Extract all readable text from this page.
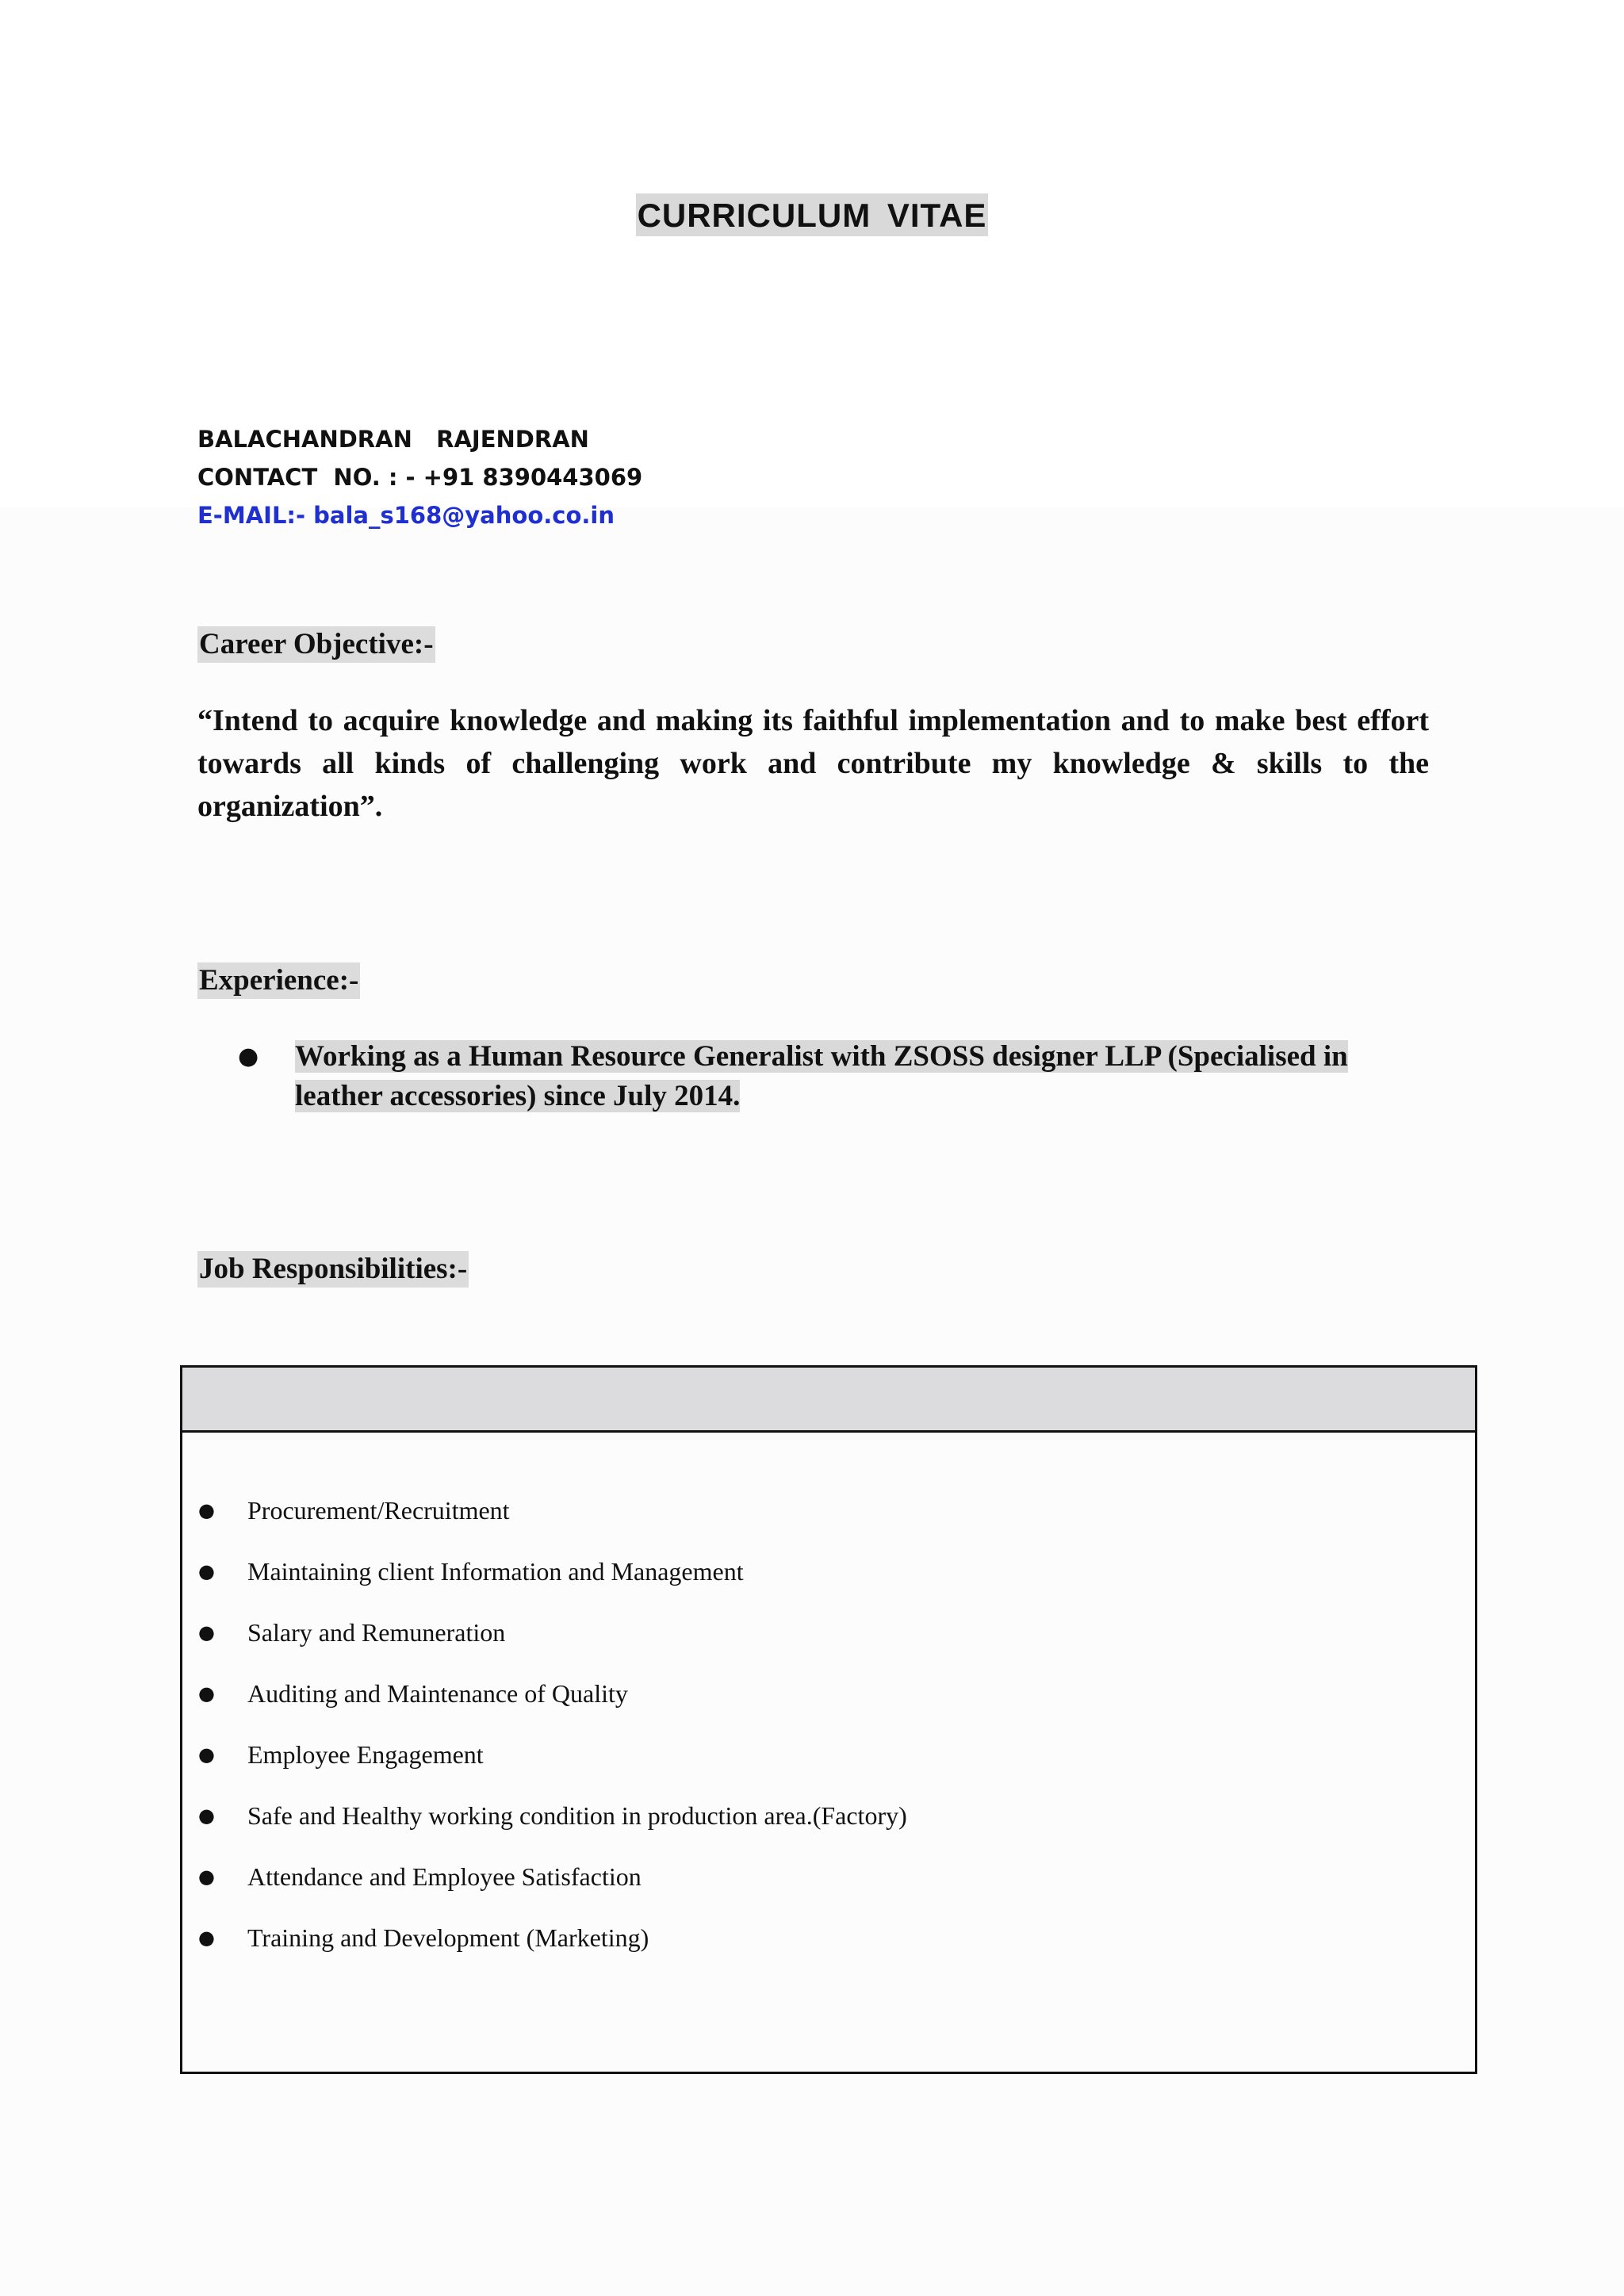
CURRICULUM VITAE
BALACHANDRAN   RAJENDRAN
CONTACT  NO. : - +91 8390443069
E-MAIL:- bala_s168@yahoo.co.in
Career Objective:-

“Intend to acquire knowledge and making its faithful implementation and to make best effort towards all kinds of challenging work and contribute my knowledge & skills to the organization”.

Experience:-
●	Working as a Human Resource Generalist with ZSOSS designer LLP (Specialised in leather accessories) since July 2014.
Job Responsibilities:-
●	Procurement/Recruitment
●	Maintaining client Information and Management
●	Salary and Remuneration
●	Auditing and Maintenance of Quality
●	Employee Engagement
●	Safe and Healthy working condition in production area.(Factory)
●	Attendance and Employee Satisfaction
●	Training and Development (Marketing)
